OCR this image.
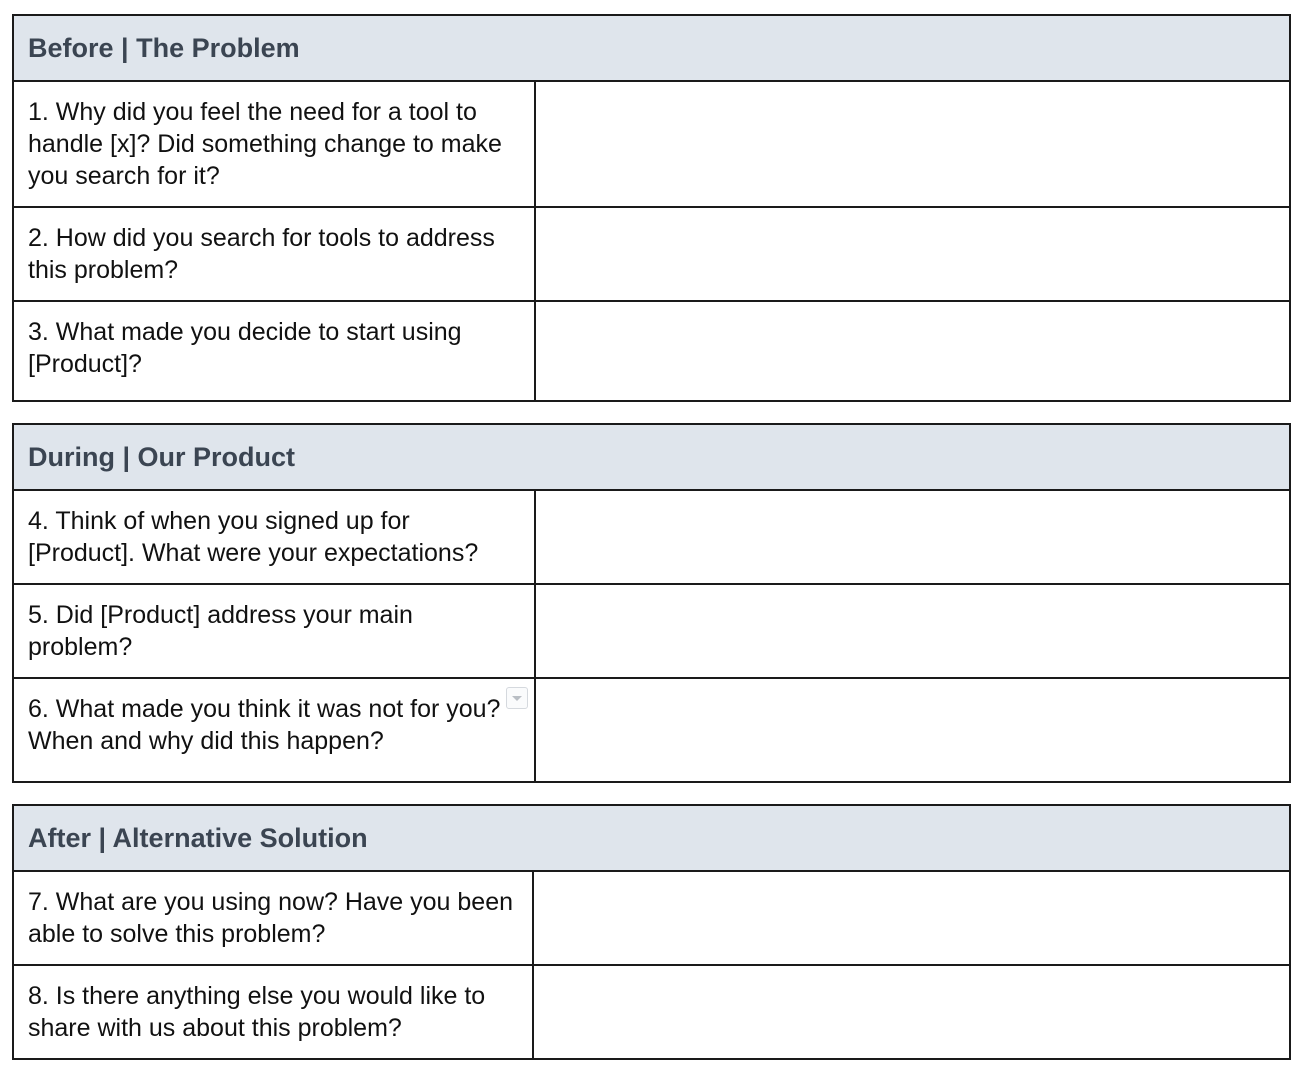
Before | The Problem	
1. Why did you feel the need for a tool to handle [x]? Did something change to make you search for it?	
2. How did you search for tools to address this problem?	
3. What made you decide to start using [Product]?	
During | Our Product	
4. Think of when you signed up for [Product]. What were your expectations?	
5. Did [Product] address your main problem?	
6. What made you think it was not for you? When and why did this happen?

After | Alternative Solution	
7. What are you using now? Have you been able to solve this problem?	
8. Is there anything else you would like to share with us about this problem?	
